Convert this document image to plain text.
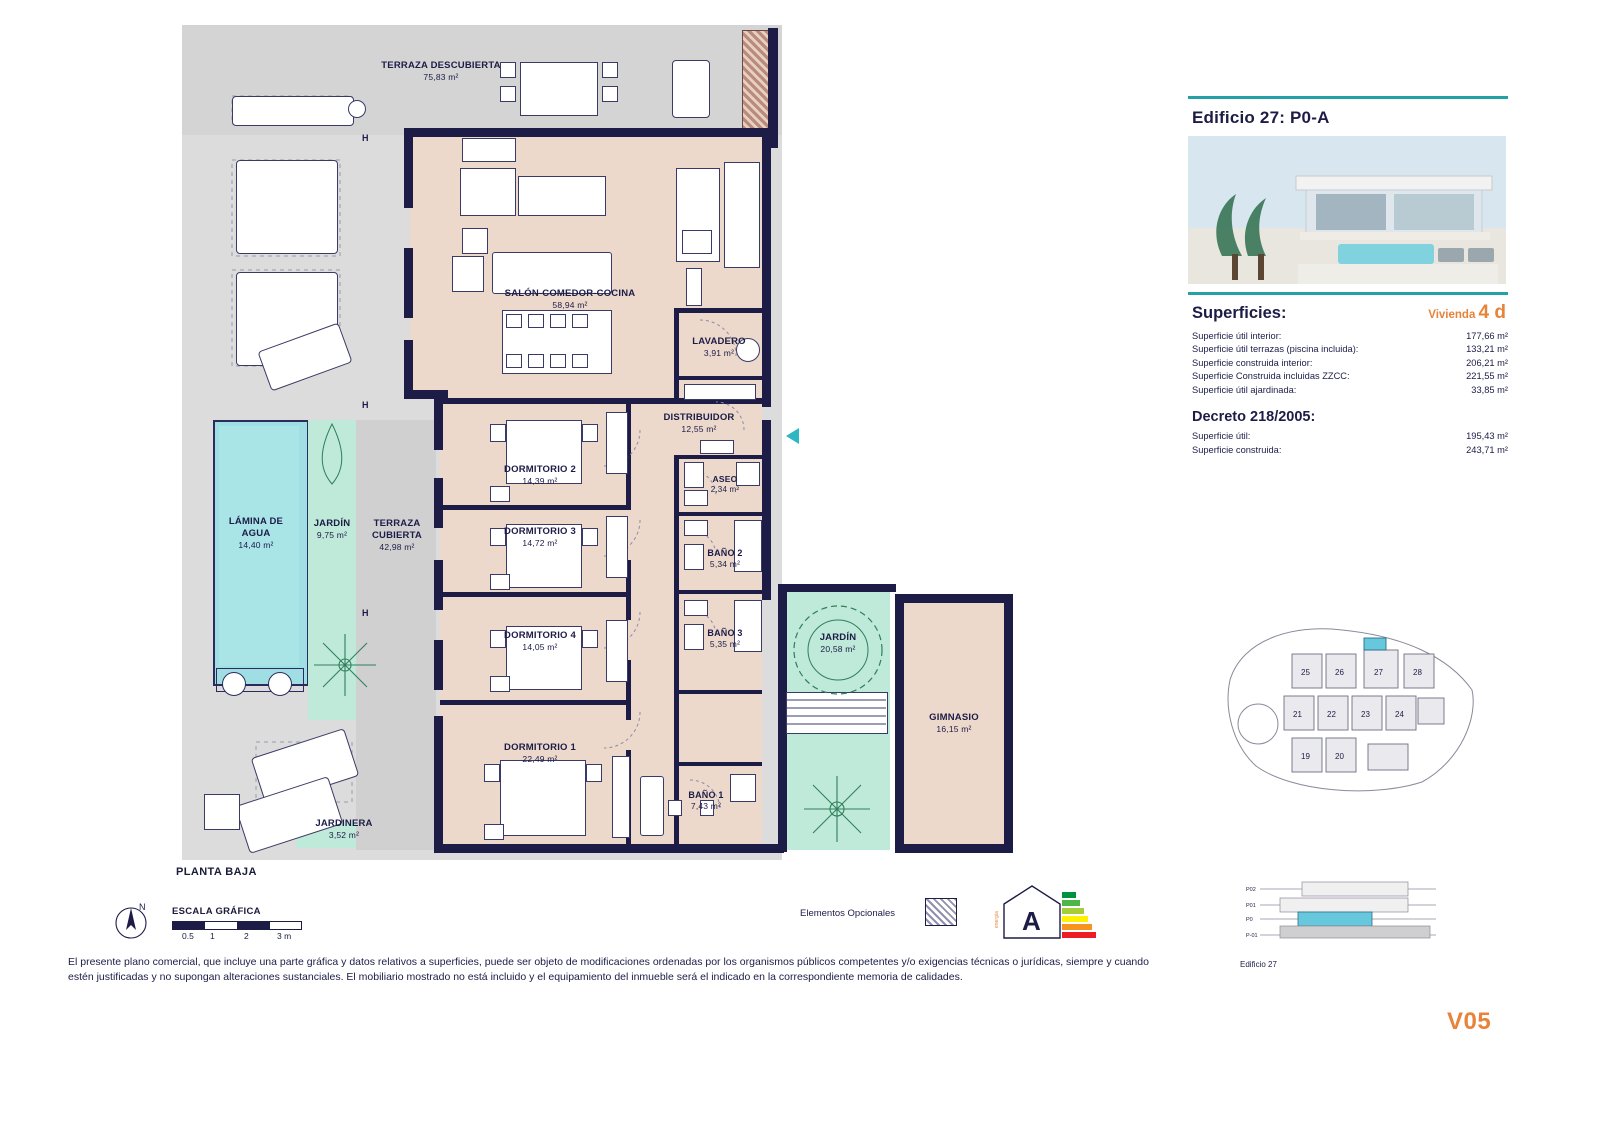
H
H
H
TERRAZA DESCUBIERTA
75,83 m²
SALÓN-COMEDOR-COCINA
58,94 m²
LAVADERO
3,91 m²
DISTRIBUIDOR
12,55 m²
ASEO
2,34 m²
DORMITORIO 2
14,39 m²
DORMITORIO 3
14,72 m²
DORMITORIO 4
14,05 m²
DORMITORIO 1
22,49 m²
BAÑO 2
5,34 m²
BAÑO 3
5,35 m²
BAÑO 1
7,43 m²
JARDÍN
20,58 m²
GIMNASIO
16,15 m²
TERRAZA CUBIERTA
42,98 m²
LÁMINA DE AGUA
14,40 m²
JARDÍN
9,75 m²
JARDINERA
3,52 m²
PLANTA BAJA
N	ESCALA GRÁFICA
0.5 1	2	3 m
Elementos Opcionales	A
energía
El presente plano comercial, que incluye una parte gráfica y datos relativos a superficies, puede ser objeto de modificaciones ordenadas por los organismos públicos competentes y/o exigencias técnicas o jurídicas, siempre y cuando estén justificadas y no supongan alteraciones sustanciales. El mobiliario mostrado no está incluido y el equipamiento del inmueble será el indicado en la correspondiente memoria de calidades.
Edificio 27: P0-A
Superficies:	Vivienda 4 d
Superficie útil interior:	177,66 m²
Superficie útil terrazas (piscina incluida):	133,21 m²
Superficie construida interior:	206,21 m²
Superficie Construida incluidas ZZCC:	221,55 m²
Superficie útil ajardinada:	33,85 m²
Decreto 218/2005:
Superficie útil:	195,43 m²
Superficie construida:	243,71 m²
25	26	27	28
21	22	23	24
19	20
P02
P01
P0
P-01
Edificio 27
V05
